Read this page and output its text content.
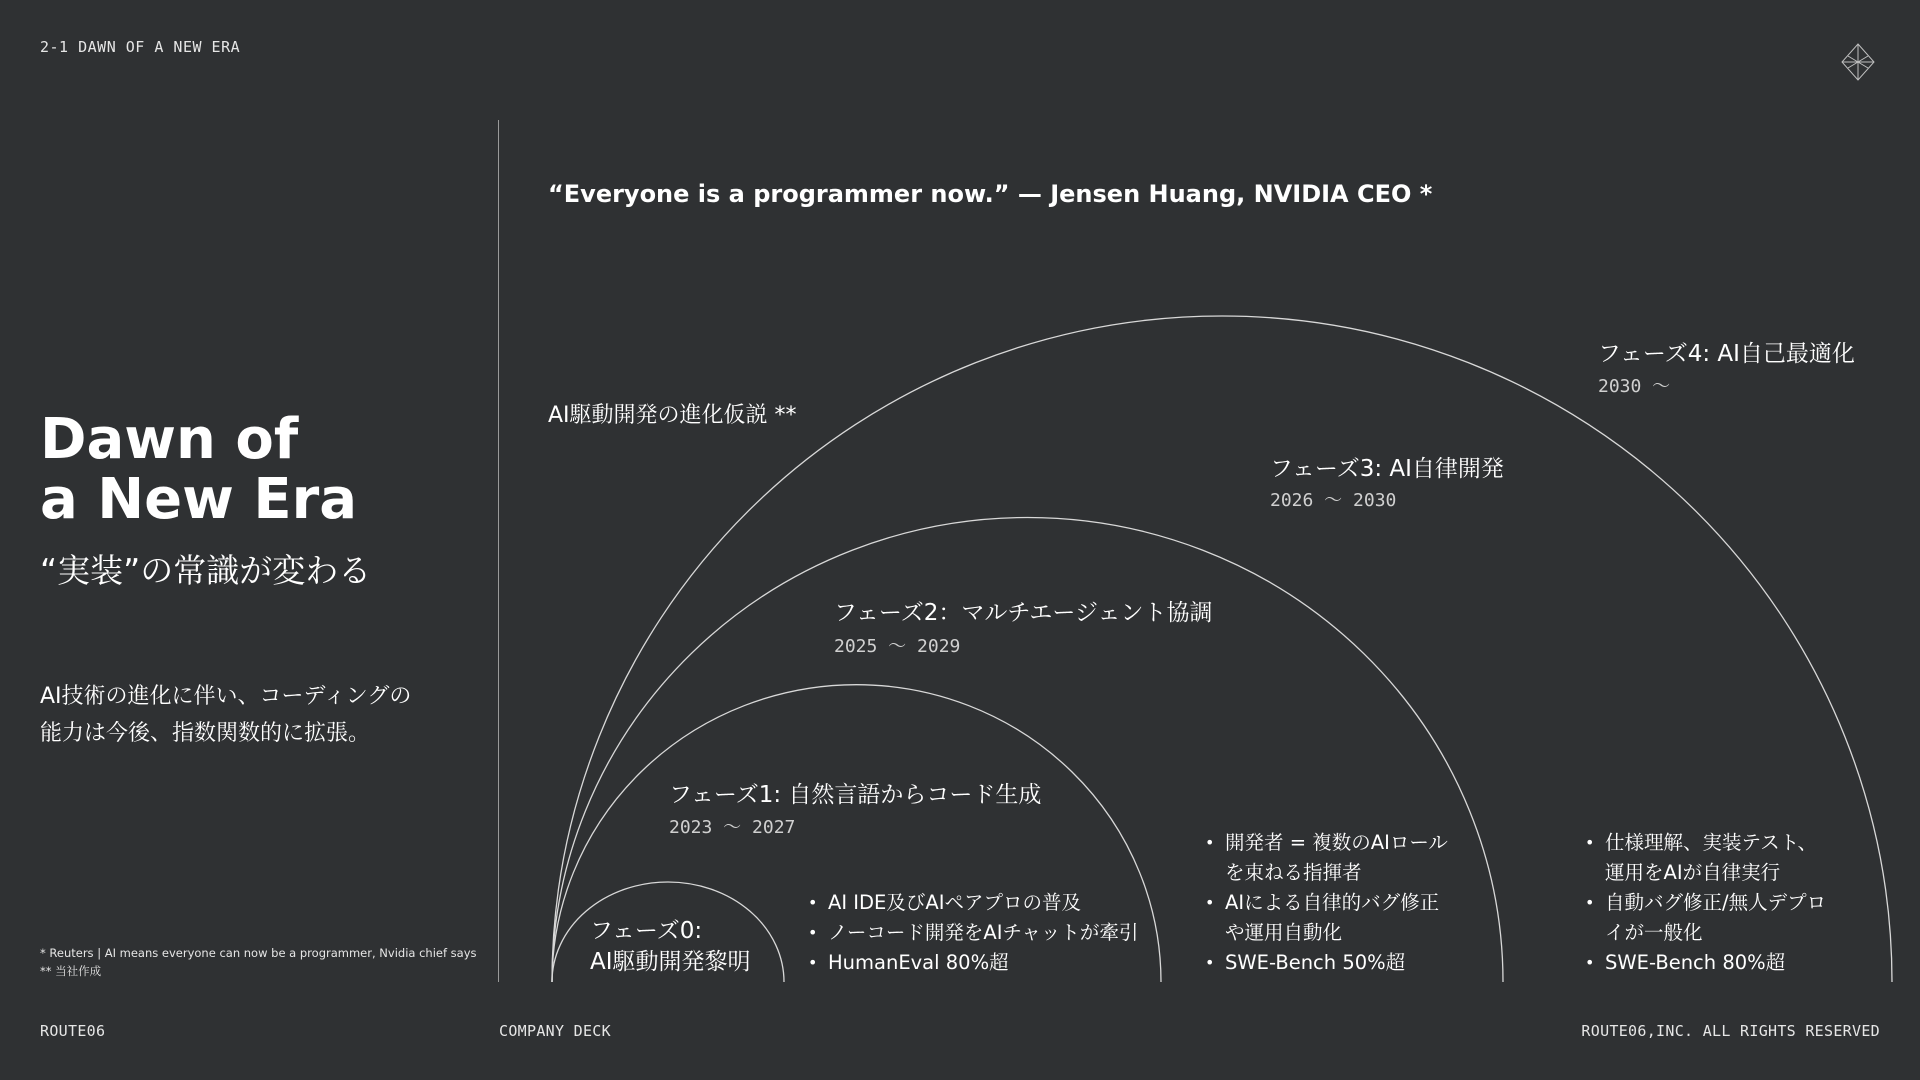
2-1 DAWN OF A NEW ERA
Dawn of
a New Era
“実装”の常識が変わる
AI技術の進化に伴い、コーディングの
能力は今後、指数関数的に拡張。
* Reuters | AI means everyone can now be a programmer, Nvidia chief says
** 当社作成
“Everyone is a programmer now.” — Jensen Huang, NVIDIA CEO *
AI駆動開発の進化仮説 **
フェーズ0:
AI駆動開発黎明
フェーズ1: 自然言語からコード生成
2023 ～ 2027
フェーズ2：マルチエージェント協調
2025 ～ 2029
フェーズ3: AI自律開発
2026 ～ 2030
フェーズ4: AI自己最適化
2030 ～
• AI IDE及びAIペアプロの普及
• ノーコード開発をAIチャットが牽引
• HumanEval 80%超
• 開発者 = 複数のAIロール
を束ねる指揮者
• AIによる自律的バグ修正
や運用自動化
• SWE-Bench 50%超
• 仕様理解、実装テスト、
運用をAIが自律実行
• 自動バグ修正/無人デプロ
イが一般化
• SWE-Bench 80%超
ROUTE06	COMPANY DECK	ROUTE06,INC. ALL RIGHTS RESERVED
